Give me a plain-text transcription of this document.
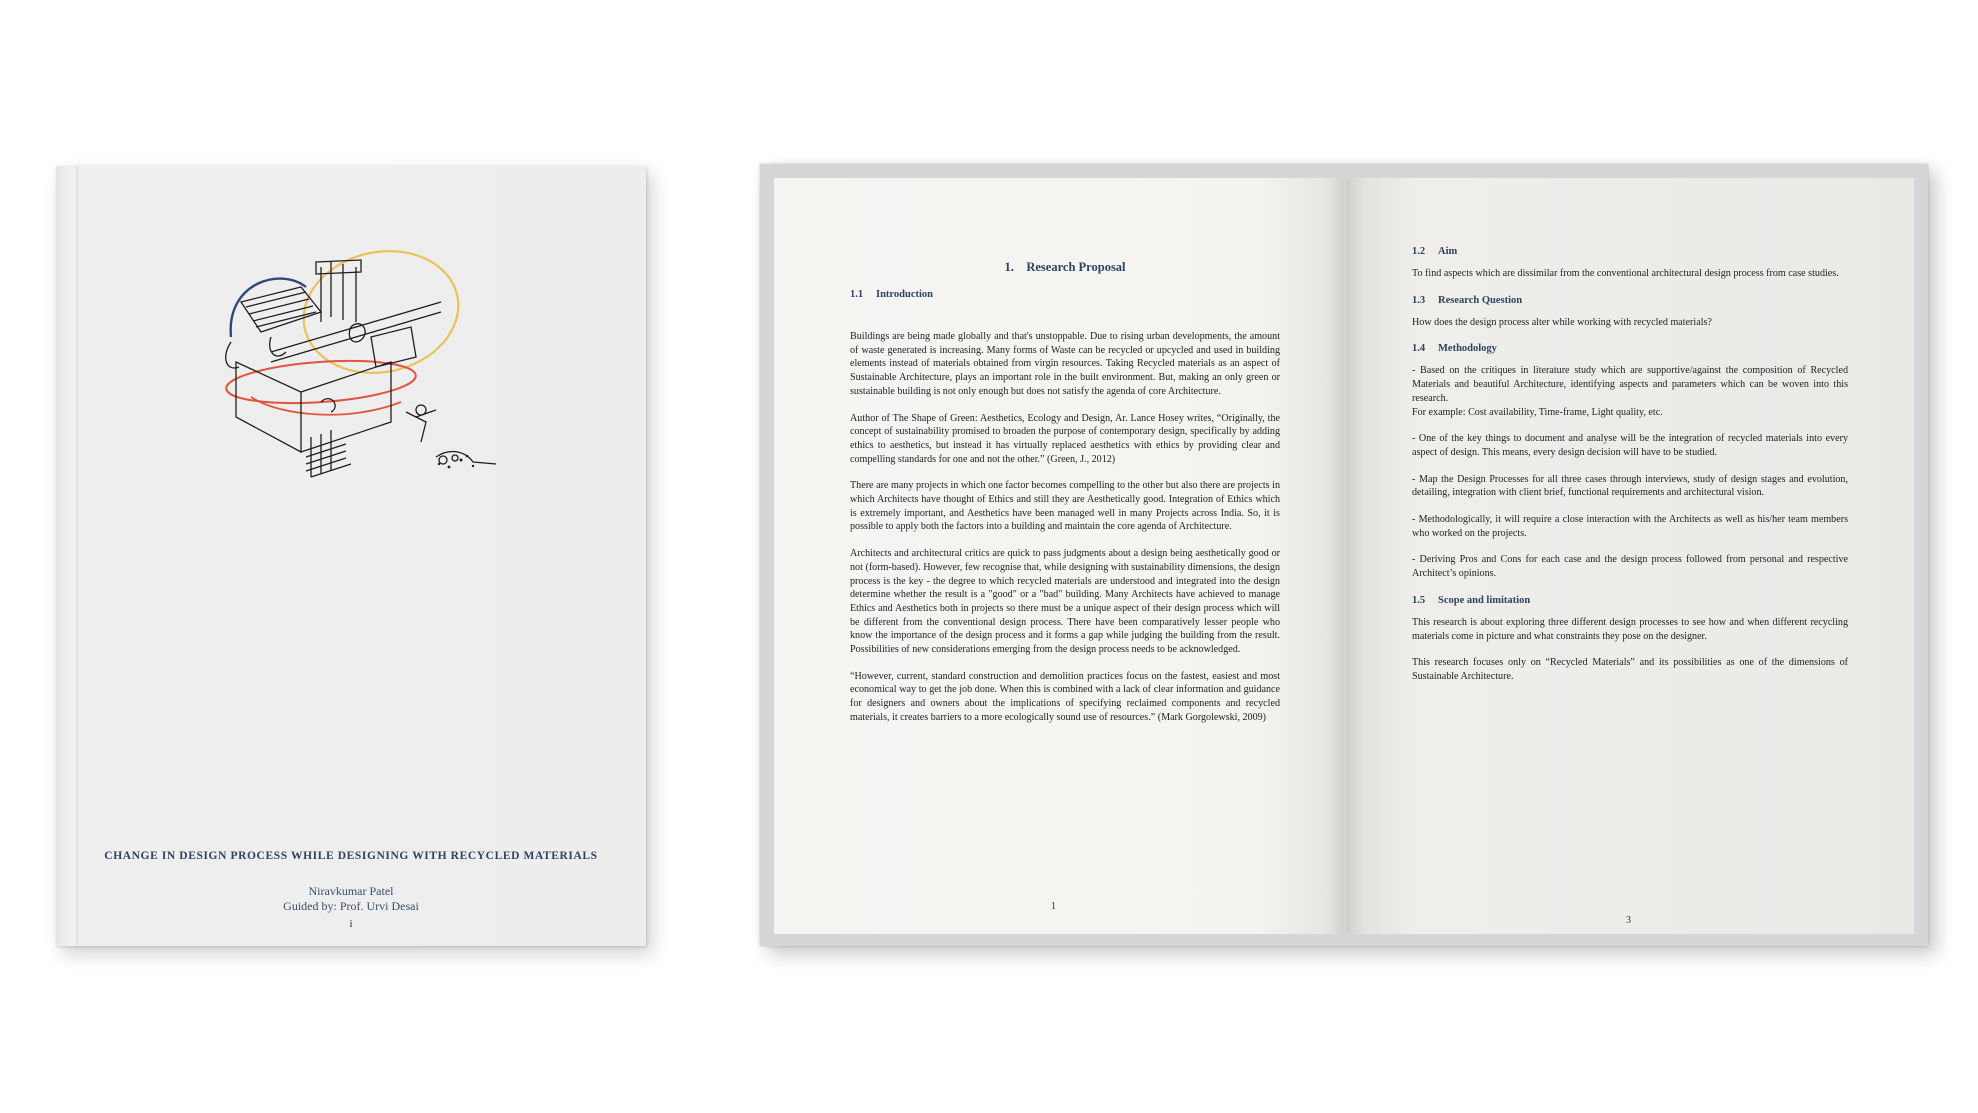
CHANGE IN DESIGN PROCESS WHILE DESIGNING WITH RECYCLED MATERIALS
Niravkumar Patel
Guided by: Prof. Urvi Desai
i
1. Research Proposal
1.1 Introduction

Buildings are being made globally and that's unstoppable. Due to rising urban developments, the amount of waste generated is increasing. Many forms of Waste can be recycled or upcycled and used in building elements instead of materials obtained from virgin resources. Taking Recycled materials as an aspect of Sustainable Architecture, plays an important role in the built environment. But, making an only green or sustainable building is not only enough but does not satisfy the agenda of core Architecture.

Author of The Shape of Green: Aesthetics, Ecology and Design, Ar. Lance Hosey writes, “Originally, the concept of sustainability promised to broaden the purpose of contemporary design, specifically by adding ethics to aesthetics, but instead it has virtually replaced aesthetics with ethics by providing clear and compelling standards for one and not the other.” (Green, J., 2012)

There are many projects in which one factor becomes compelling to the other but also there are projects in which Architects have thought of Ethics and still they are Aesthetically good. Integration of Ethics which is extremely important, and Aesthetics have been managed well in many Projects across India. So, it is possible to apply both the factors into a building and maintain the core agenda of Architecture.

Architects and architectural critics are quick to pass judgments about a design being aesthetically good or not (form-based). However, few recognise that, while designing with sustainability dimensions, the design process is the key - the degree to which recycled materials are understood and integrated into the design determine whether the result is a "good" or a "bad" building. Many Architects have achieved to manage Ethics and Aesthetics both in projects so there must be a unique aspect of their design process which will be different from the conventional design process. There have been comparatively lesser people who know the importance of the design process and it forms a gap while judging the building from the result. Possibilities of new considerations emerging from the design process needs to be acknowledged.

“However, current, standard construction and demolition practices focus on the fastest, easiest and most economical way to get the job done. When this is combined with a lack of clear information and guidance for designers and owners about the implications of specifying reclaimed components and recycled materials, it creates barriers to a more ecologically sound use of resources.” (Mark Gorgolewski, 2009)

1
1.2 Aim

To find aspects which are dissimilar from the conventional architectural design process from case studies.

1.3 Research Question

How does the design process alter while working with recycled materials?

1.4 Methodology

- Based on the critiques in literature study which are supportive/against the composition of Recycled Materials and beautiful Architecture, identifying aspects and parameters which can be woven into this research.
For example: Cost availability, Time-frame, Light quality, etc.

- One of the key things to document and analyse will be the integration of recycled materials into every aspect of design. This means, every design decision will have to be studied.

- Map the Design Processes for all three cases through interviews, study of design stages and evolution, detailing, integration with client brief, functional requirements and architectural vision.

- Methodologically, it will require a close interaction with the Architects as well as his/her team members who worked on the projects.

- Deriving Pros and Cons for each case and the design process followed from personal and respective Architect’s opinions.

1.5 Scope and limitation

This research is about exploring three different design processes to see how and when different recycling materials come in picture and what constraints they pose on the designer.

This research focuses only on “Recycled Materials” and its possibilities as one of the dimensions of Sustainable Architecture.

3
